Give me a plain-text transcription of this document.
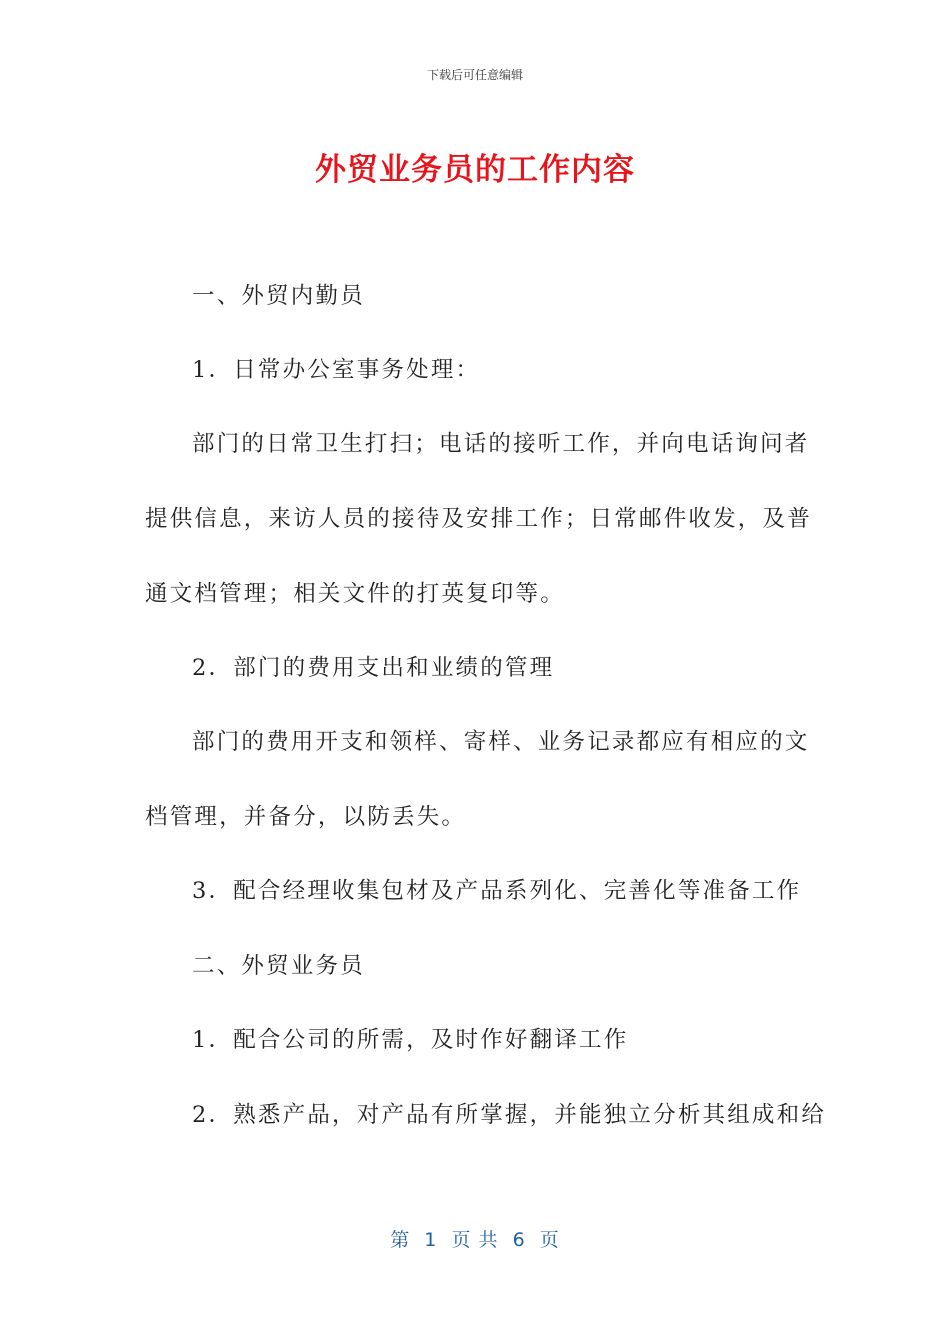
下载后可任意编辑
外贸业务员的工作内容
一、外贸内勤员
1．日常办公室事务处理：
部门的日常卫生打扫；电话的接听工作，并向电话询问者
提供信息，来访人员的接待及安排工作；日常邮件收发，及普
通文档管理；相关文件的打英复印等。
2．部门的费用支出和业绩的管理
部门的费用开支和领样、寄样、业务记录都应有相应的文
档管理，并备分，以防丢失。
3．配合经理收集包材及产品系列化、完善化等准备工作
二、外贸业务员
1．配合公司的所需，及时作好翻译工作
2．熟悉产品，对产品有所掌握，并能独立分析其组成和给
第  1  页 共  6  页
